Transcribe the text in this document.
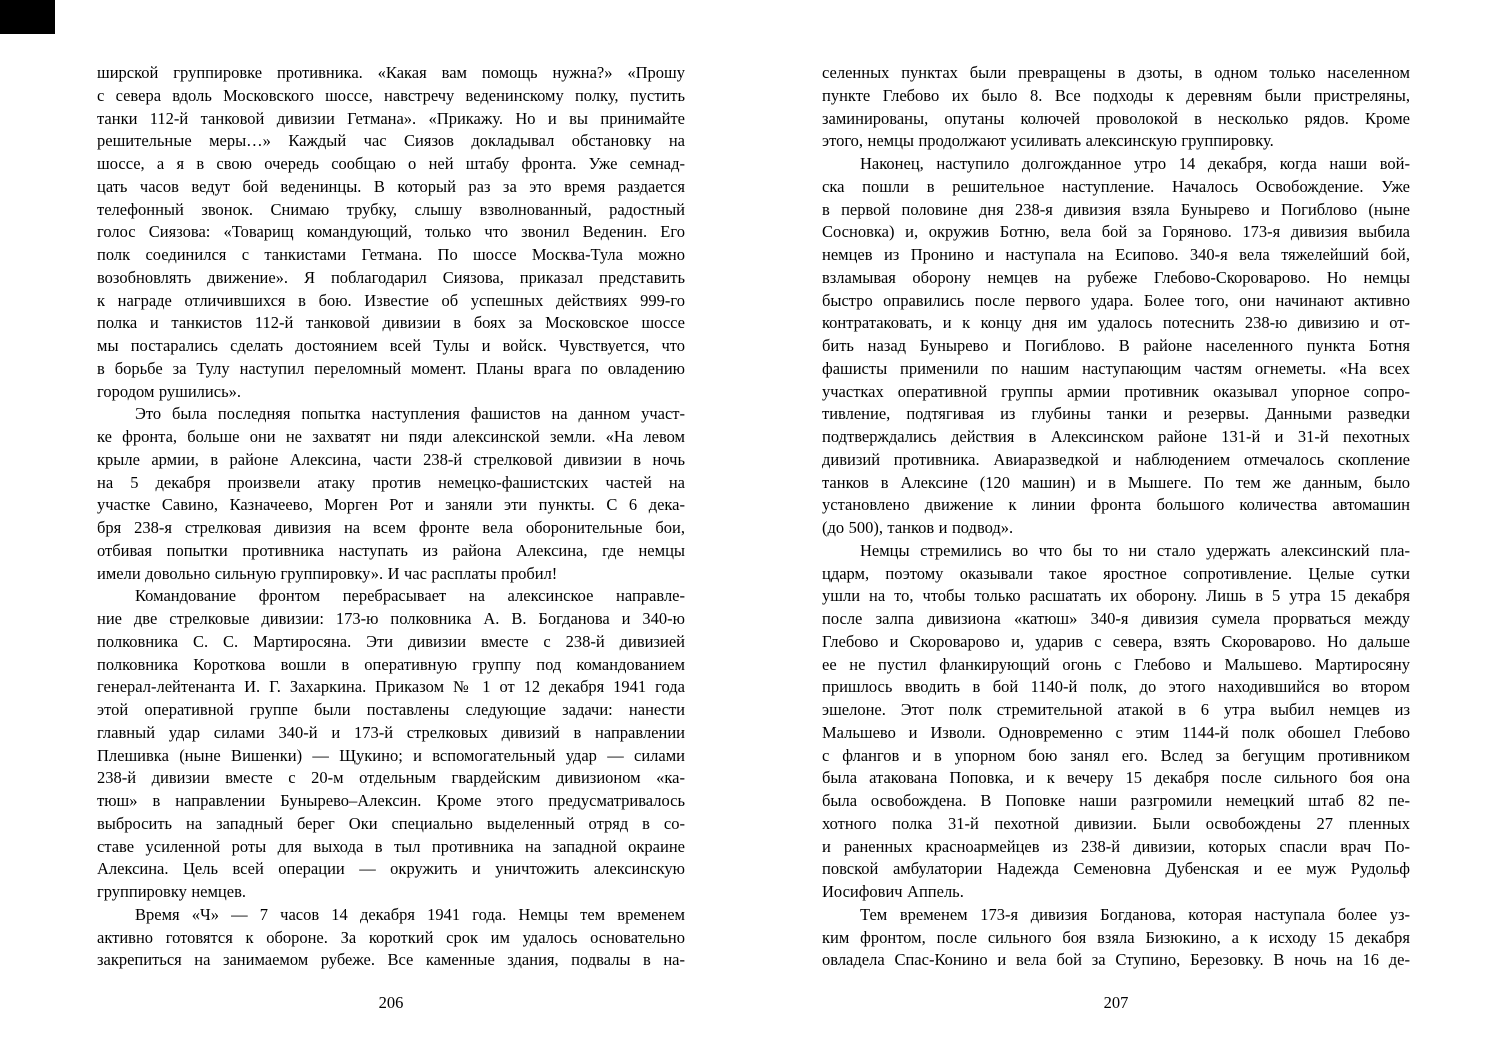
ширской группировке противника. «Какая вам помощь нужна?» «Прошу
с севера вдоль Московского шоссе, навстречу веденинскому полку, пустить
танки 112-й танковой дивизии Гетмана». «Прикажу. Но и вы принимайте
решительные меры…» Каждый час Сиязов докладывал обстановку на
шоссе, а я в свою очередь сообщаю о ней штабу фронта. Уже семнад-
цать часов ведут бой веденинцы. В который раз за это время раздается
телефонный звонок. Снимаю трубку, слышу взволнованный, радостный
голос Сиязова: «Товарищ командующий, только что звонил Веденин. Его
полк соединился с танкистами Гетмана. По шоссе Москва-Тула можно
возобновлять движение». Я поблагодарил Сиязова, приказал представить
к награде отличившихся в бою. Известие об успешных действиях 999-го
полка и танкистов 112-й танковой дивизии в боях за Московское шоссе
мы постарались сделать достоянием всей Тулы и войск. Чувствуется, что
в борьбе за Тулу наступил переломный момент. Планы врага по овладению
городом рушились».
Это была последняя попытка наступления фашистов на данном участ-
ке фронта, больше они не захватят ни пяди алексинской земли. «На левом
крыле армии, в районе Алексина, части 238-й стрелковой дивизии в ночь
на 5 декабря произвели атаку против немецко-фашистских частей на
участке Савино, Казначеево, Морген Рот и заняли эти пункты. С 6 дека-
бря 238-я стрелковая дивизия на всем фронте вела оборонительные бои,
отбивая попытки противника наступать из района Алексина, где немцы
имели довольно сильную группировку». И час расплаты пробил!
Командование фронтом перебрасывает на алексинское направле-
ние две стрелковые дивизии: 173-ю полковника А. В. Богданова и 340-ю
полковника С. С. Мартиросяна. Эти дивизии вместе с 238-й дивизией
полковника Короткова вошли в оперативную группу под командованием
генерал-лейтенанта И. Г. Захаркина. Приказом № 1 от 12 декабря 1941 года
этой оперативной группе были поставлены следующие задачи: нанести
главный удар силами 340-й и 173-й стрелковых дивизий в направлении
Плешивка (ныне Вишенки) — Щукино; и вспомогательный удар — силами
238-й дивизии вместе с 20-м отдельным гвардейским дивизионом «ка-
тюш» в направлении Бунырево–Алексин. Кроме этого предусматривалось
выбросить на западный берег Оки специально выделенный отряд в со-
ставе усиленной роты для выхода в тыл противника на западной окраине
Алексина. Цель всей операции — окружить и уничтожить алексинскую
группировку немцев.
Время «Ч» — 7 часов 14 декабря 1941 года. Немцы тем временем
активно готовятся к обороне. За короткий срок им удалось основательно
закрепиться на занимаемом рубеже. Все каменные здания, подвалы в на-
206
селенных пунктах были превращены в дзоты, в одном только населенном
пункте Глебово их было 8. Все подходы к деревням были пристреляны,
заминированы, опутаны колючей проволокой в несколько рядов. Кроме
этого, немцы продолжают усиливать алексинскую группировку.
Наконец, наступило долгожданное утро 14 декабря, когда наши вой-
ска пошли в решительное наступление. Началось Освобождение. Уже
в первой половине дня 238-я дивизия взяла Бунырево и Погиблово (ныне
Сосновка) и, окружив Ботню, вела бой за Горяново. 173-я дивизия выбила
немцев из Пронино и наступала на Есипово. 340-я вела тяжелейший бой,
взламывая оборону немцев на рубеже Глебово-Скороварово. Но немцы
быстро оправились после первого удара. Более того, они начинают активно
контратаковать, и к концу дня им удалось потеснить 238-ю дивизию и от-
бить назад Бунырево и Погиблово. В районе населенного пункта Ботня
фашисты применили по нашим наступающим частям огнеметы. «На всех
участках оперативной группы армии противник оказывал упорное сопро-
тивление, подтягивая из глубины танки и резервы. Данными разведки
подтверждались действия в Алексинском районе 131-й и 31-й пехотных
дивизий противника. Авиаразведкой и наблюдением отмечалось скопление
танков в Алексине (120 машин) и в Мышеге. По тем же данным, было
установлено движение к линии фронта большого количества автомашин
(до 500), танков и подвод».
Немцы стремились во что бы то ни стало удержать алексинский пла-
цдарм, поэтому оказывали такое яростное сопротивление. Целые сутки
ушли на то, чтобы только расшатать их оборону. Лишь в 5 утра 15 декабря
после залпа дивизиона «катюш» 340-я дивизия сумела прорваться между
Глебово и Скороварово и, ударив с севера, взять Скороварово. Но дальше
ее не пустил фланкирующий огонь с Глебово и Мальшево. Мартиросяну
пришлось вводить в бой 1140-й полк, до этого находившийся во втором
эшелоне. Этот полк стремительной атакой в 6 утра выбил немцев из
Мальшево и Изволи. Одновременно с этим 1144-й полк обошел Глебово
с флангов и в упорном бою занял его. Вслед за бегущим противником
была атакована Поповка, и к вечеру 15 декабря после сильного боя она
была освобождена. В Поповке наши разгромили немецкий штаб 82 пе-
хотного полка 31-й пехотной дивизии. Были освобождены 27 пленных
и раненных красноармейцев из 238-й дивизии, которых спасли врач По-
повской амбулатории Надежда Семеновна Дубенская и ее муж Рудольф
Иосифович Аппель.
Тем временем 173-я дивизия Богданова, которая наступала более уз-
ким фронтом, после сильного боя взяла Бизюкино, а к исходу 15 декабря
овладела Спас-Конино и вела бой за Ступино, Березовку. В ночь на 16 де-
207
